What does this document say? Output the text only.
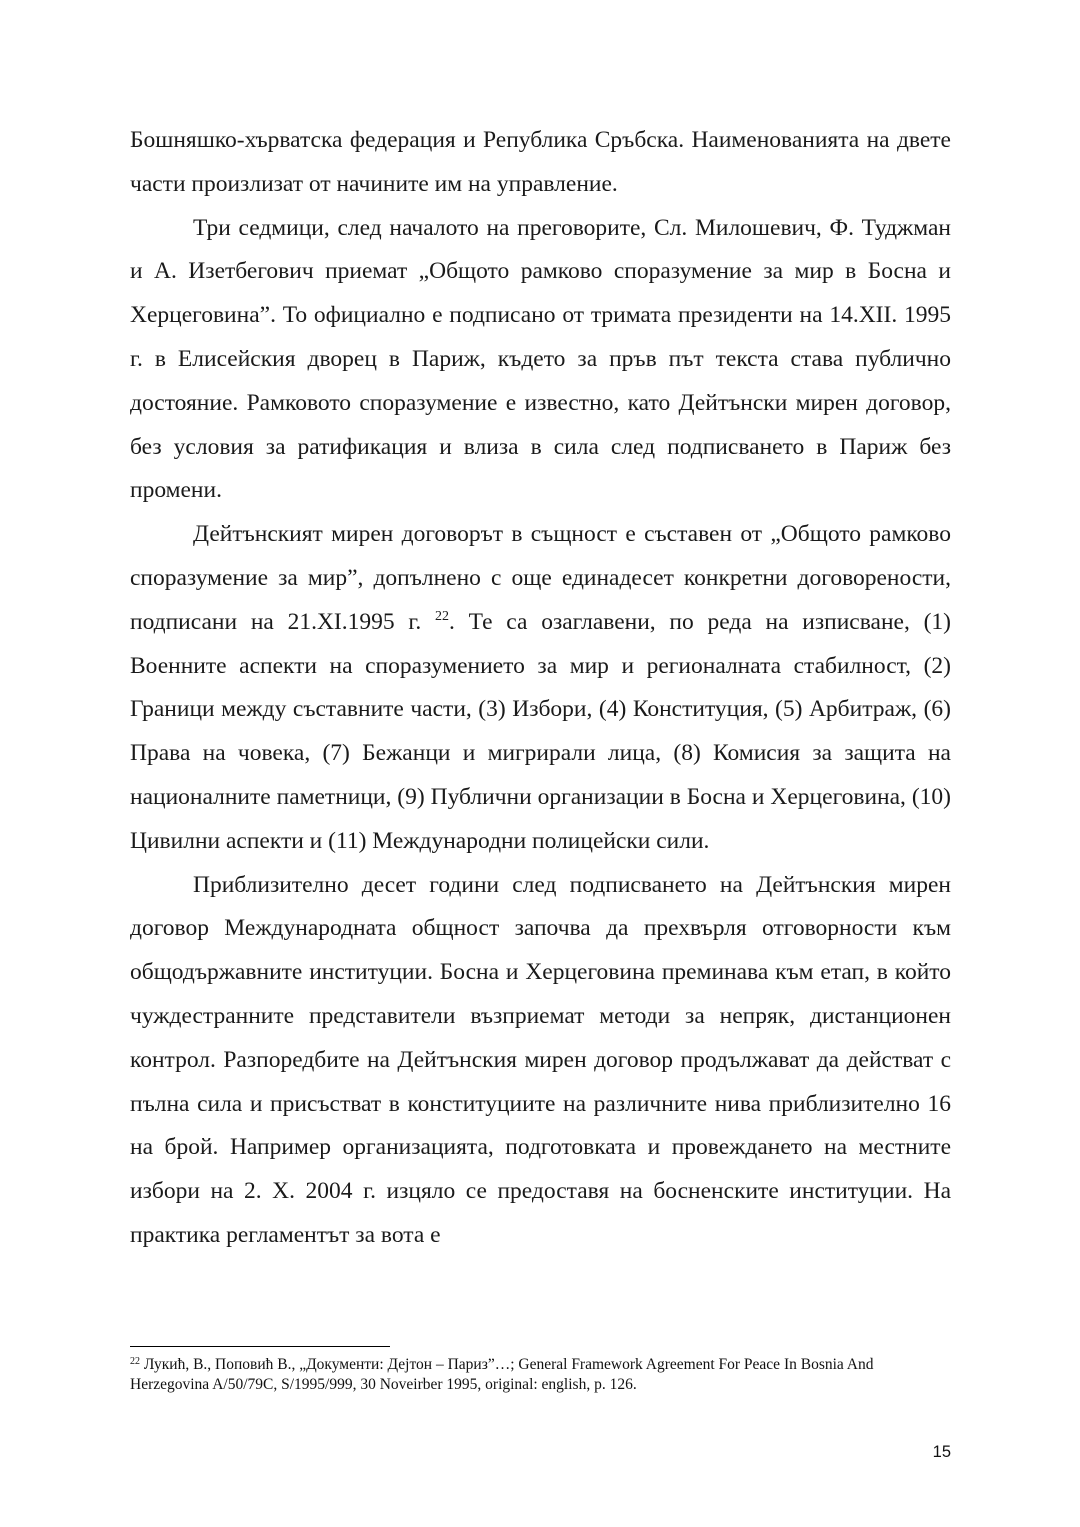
Бошняшко-хърватска федерация и Република Сръбска. Наименованията на двете части произлизат от начините им на управление.

Три седмици, след началото на преговорите, Сл. Милошевич, Ф. Туджман и А. Изетбегович приемат „Общото рамково споразумение за мир в Босна и Херцеговина”. То официално е подписано от тримата президенти на 14.XII. 1995 г. в Елисейския дворец в Париж, където за пръв път текста става публично достояние. Рамковото споразумение е известно, като Дейтънски мирен договор, без условия за ратификация и влиза в сила след подписването в Париж без промени.

Дейтънският мирен договорът в същност е съставен от „Общото рамково споразумение за мир”, допълнено с още единадесет конкретни договорености, подписани на 21.XI.1995 г. $^{22}$. Те са озаглавени, по реда на изписване, (1) Военните аспекти на споразумението за мир и регионалната стабилност, (2) Граници между съставните части, (3) Избори, (4) Конституция, (5) Арбитраж, (6) Права на човека, (7) Бежанци и мигрирали лица, (8) Комисия за защита на националните паметници, (9) Публични организации в Босна и Херцеговина, (10) Цивилни аспекти и (11) Международни полицейски сили.

Приблизително десет години след подписването на Дейтънския мирен договор Международната общност започва да прехвърля отговорности към общодържавните институции. Босна и Херцеговина преминава към етап, в който чуждестранните представители възприемат методи за непряк, дистанционен контрол. Разпоредбите на Дейтънския мирен договор продължават да действат с пълна сила и присъстват в конституциите на различните нива приблизително 16 на брой. Например организацията, подготовката и провеждането на местните избори на 2. X. 2004 г. изцяло се предоставя на босненските институции. На практика регламентът за вота е

$^{22}$ Лукић, В., Поповић В., „Документи: Дејтон – Париз”…; General Framework Agreement For Peace In Bosnia And Herzegovina A/50/79C, S/1995/999, 30 Noveirber 1995, original: english, p. 126.
15
